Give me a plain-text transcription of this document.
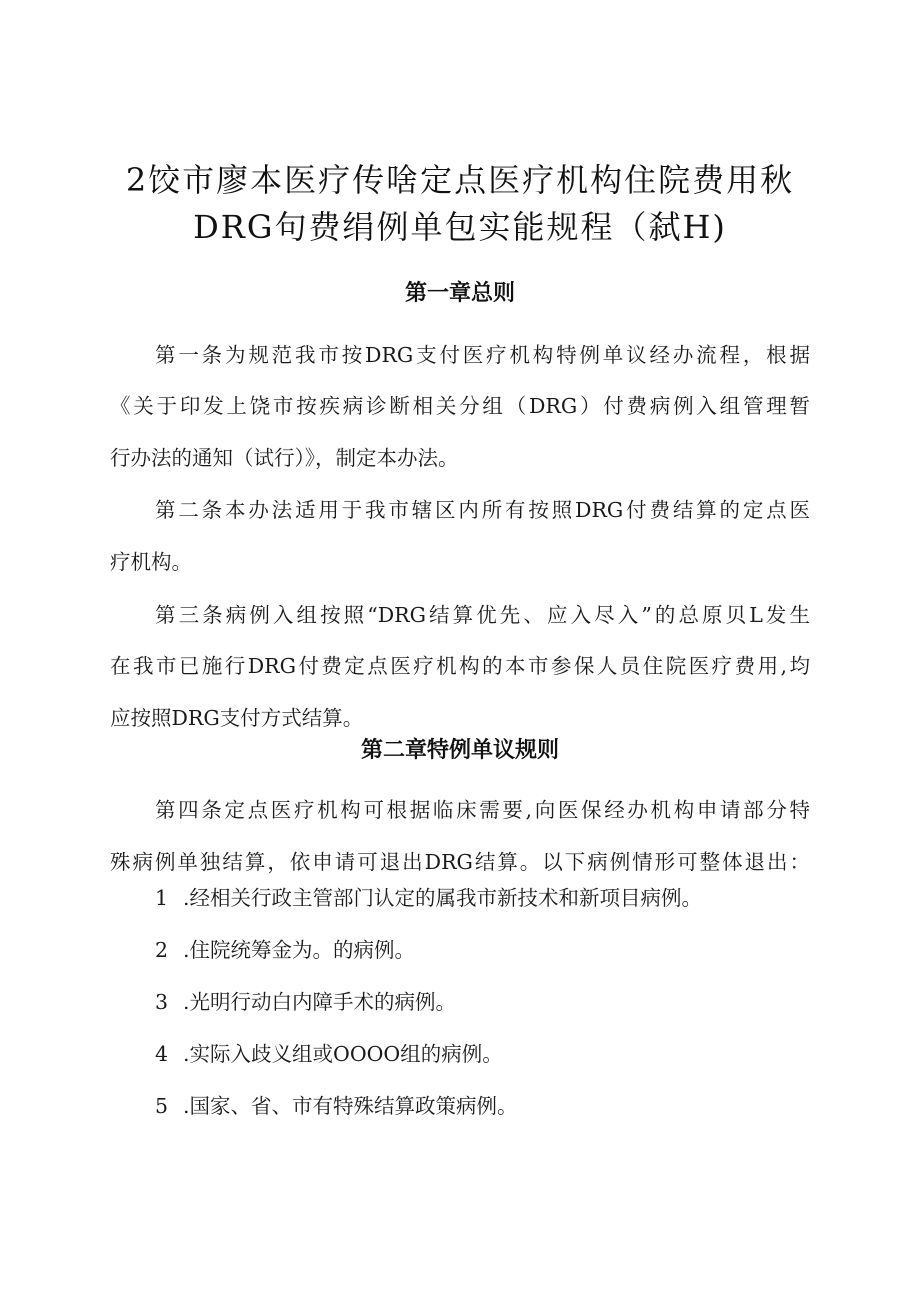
2饺市廖本医疗传啥定点医疗机构住院费用秋
DRG句费绢例单包实能规程（弑H)
第一章总则
第一条为规范我市按DRG支付医疗机构特例单议经办流程，根据
《关于印发上饶市按疾病诊断相关分组（DRG）付费病例入组管理暂
行办法的通知（试行）》，制定本办法。
第二条本办法适用于我市辖区内所有按照DRG付费结算的定点医
疗机构。
第三条病例入组按照“DRG结算优先、应入尽入”的总原贝L发生
在我市已施行DRG付费定点医疗机构的本市参保人员住院医疗费用,均
应按照DRG支付方式结算。
第二章特例单议规则
第四条定点医疗机构可根据临床需要,向医保经办机构申请部分特
殊病例单独结算，依申请可退出DRG结算。以下病例情形可整体退出：
1 .经相关行政主管部门认定的属我市新技术和新项目病例。
2 .住院统筹金为。的病例。
3 .光明行动白内障手术的病例。
4 .实际入歧义组或OOOO组的病例。
5 .国家、省、市有特殊结算政策病例。
